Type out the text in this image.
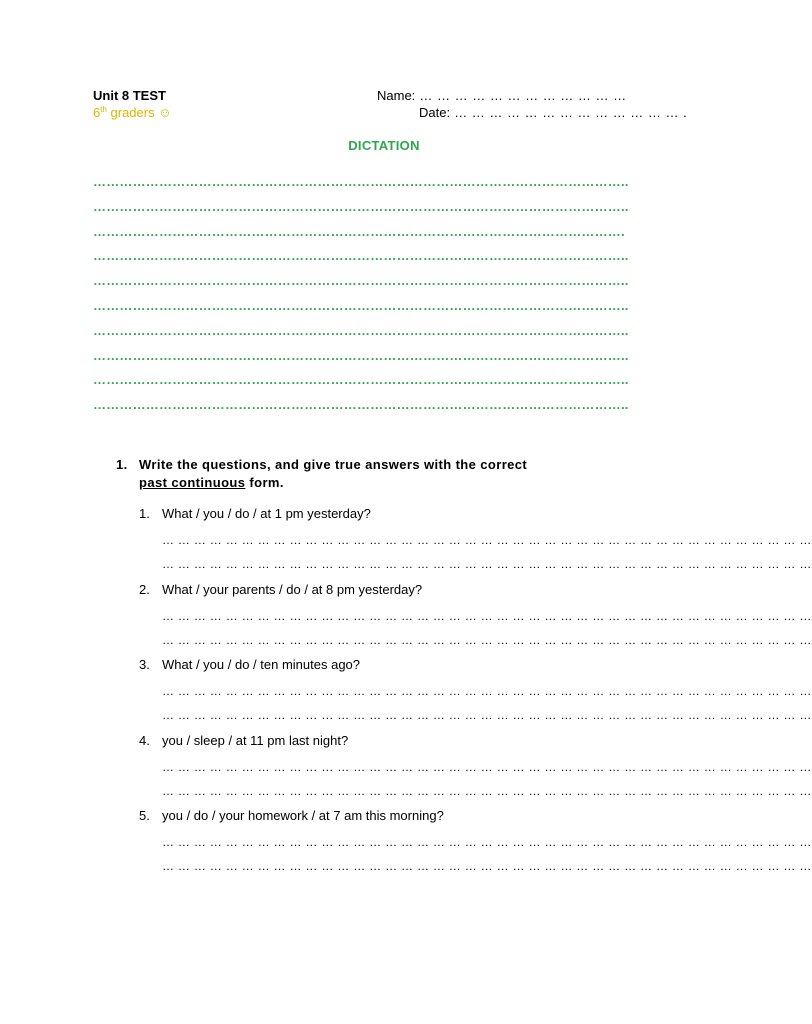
Unit 8 TEST
6th graders ☺
Name: … … … … … … … … … … … …
Date: … … … … … … … … … … … … … .
DICTATION
…………………………………………………………………………………………………………..
…………………………………………………………………………………………………………..
………………………………………………………………………………………………………….
…………………………………………………………………………………………………………..
…………………………………………………………………………………………………………..
…………………………………………………………………………………………………………..
…………………………………………………………………………………………………………..
…………………………………………………………………………………………………………..
…………………………………………………………………………………………………………..
…………………………………………………………………………………………………………..
1. Write the questions, and give true answers with the correct
past continuous form.
1. What / you / do / at 1 pm yesterday?
… … … … … … … … … … … … … … … … … … … … … … … … … … … … … … … … … … … … … … … … …
… … … … … … … … … … … … … … … … … … … … … … … … … … … … … … … … … … … … … … … … …
2. What / your parents / do / at 8 pm yesterday?
… … … … … … … … … … … … … … … … … … … … … … … … … … … … … … … … … … … … … … … … …
… … … … … … … … … … … … … … … … … … … … … … … … … … … … … … … … … … … … … … … … …
3. What / you / do / ten minutes ago?
… … … … … … … … … … … … … … … … … … … … … … … … … … … … … … … … … … … … … … … … …
… … … … … … … … … … … … … … … … … … … … … … … … … … … … … … … … … … … … … … … … …
4. you / sleep / at 11 pm last night?
… … … … … … … … … … … … … … … … … … … … … … … … … … … … … … … … … … … … … … … … …
… … … … … … … … … … … … … … … … … … … … … … … … … … … … … … … … … … … … … … … … …
5. you / do / your homework / at 7 am this morning?
… … … … … … … … … … … … … … … … … … … … … … … … … … … … … … … … … … … … … … … … …
… … … … … … … … … … … … … … … … … … … … … … … … … … … … … … … … … … … … … … … … …
